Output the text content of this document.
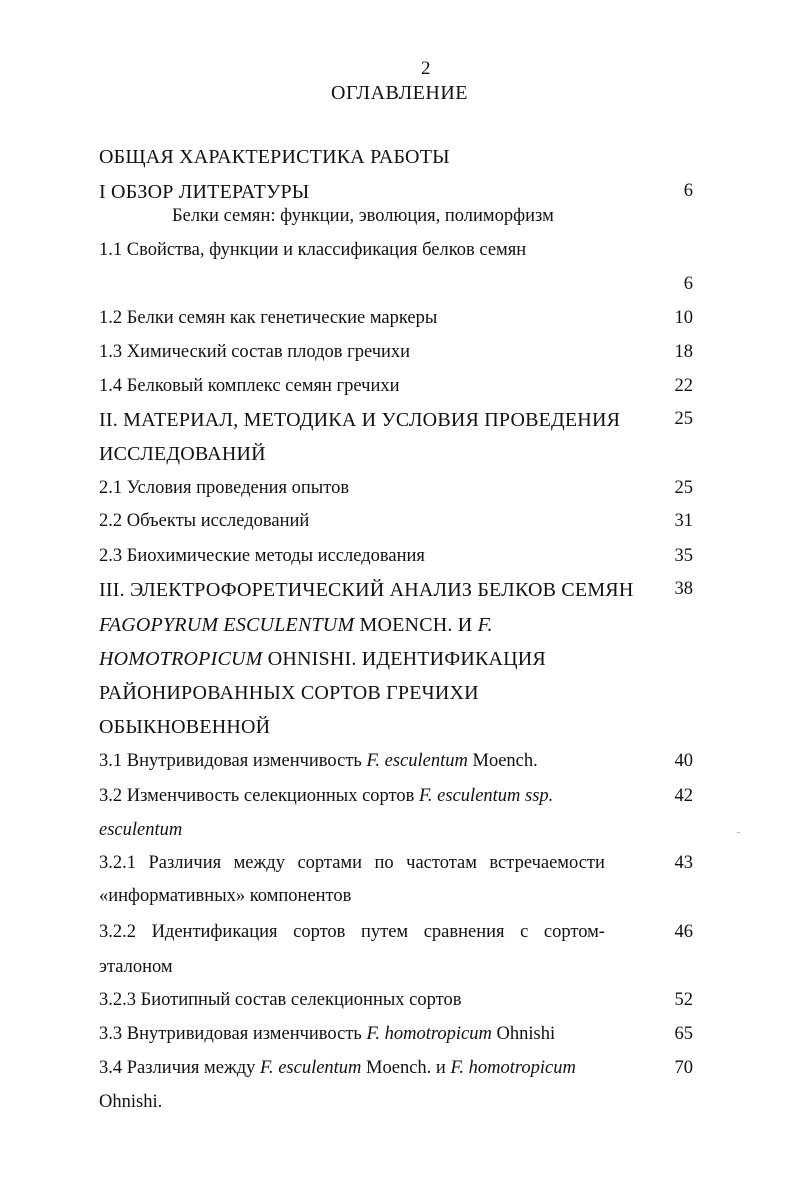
2
ОГЛАВЛЕНИЕ
ОБЩАЯ ХАРАКТЕРИСТИКА РАБОТЫ
I ОБЗОР ЛИТЕРАТУРЫ	6
Белки семян: функции, эволюция, полиморфизм
1.1 Свойства, функции и классификация белков семян
6
1.2 Белки семян как генетические маркеры	10
1.3 Химический состав плодов гречихи	18
1.4 Белковый комплекс семян гречихи	22
II. МАТЕРИАЛ, МЕТОДИКА И УСЛОВИЯ ПРОВЕДЕНИЯ	25
ИССЛЕДОВАНИЙ
2.1 Условия проведения опытов	25
2.2 Объекты исследований	31
2.3 Биохимические методы исследования	35
III. ЭЛЕКТРОФОРЕТИЧЕСКИЙ АНАЛИЗ БЕЛКОВ СЕМЯН 38
FAGOPYRUM ESCULENTUM MOENCH. И F.
HOMOTROPICUM OHNISHI. ИДЕНТИФИКАЦИЯ
РАЙОНИРОВАННЫХ СОРТОВ ГРЕЧИХИ
ОБЫКНОВЕННОЙ
3.1 Внутривидовая изменчивость F. esculentum Moench.	40
3.2 Изменчивость селекционных сортов F. esculentum ssp.	42
esculentum
3.2.1 Различия между сортами по частотам встречаемости	43
«информативных» компонентов
3.2.2 Идентификация сортов путем сравнения с сортом-	46
эталоном
3.2.3 Биотипный состав селекционных сортов	52
3.3 Внутривидовая изменчивость F. homotropicum Ohnishi	65
3.4 Различия между F. esculentum Moench. и F. homotropicum	70
Ohnishi.
